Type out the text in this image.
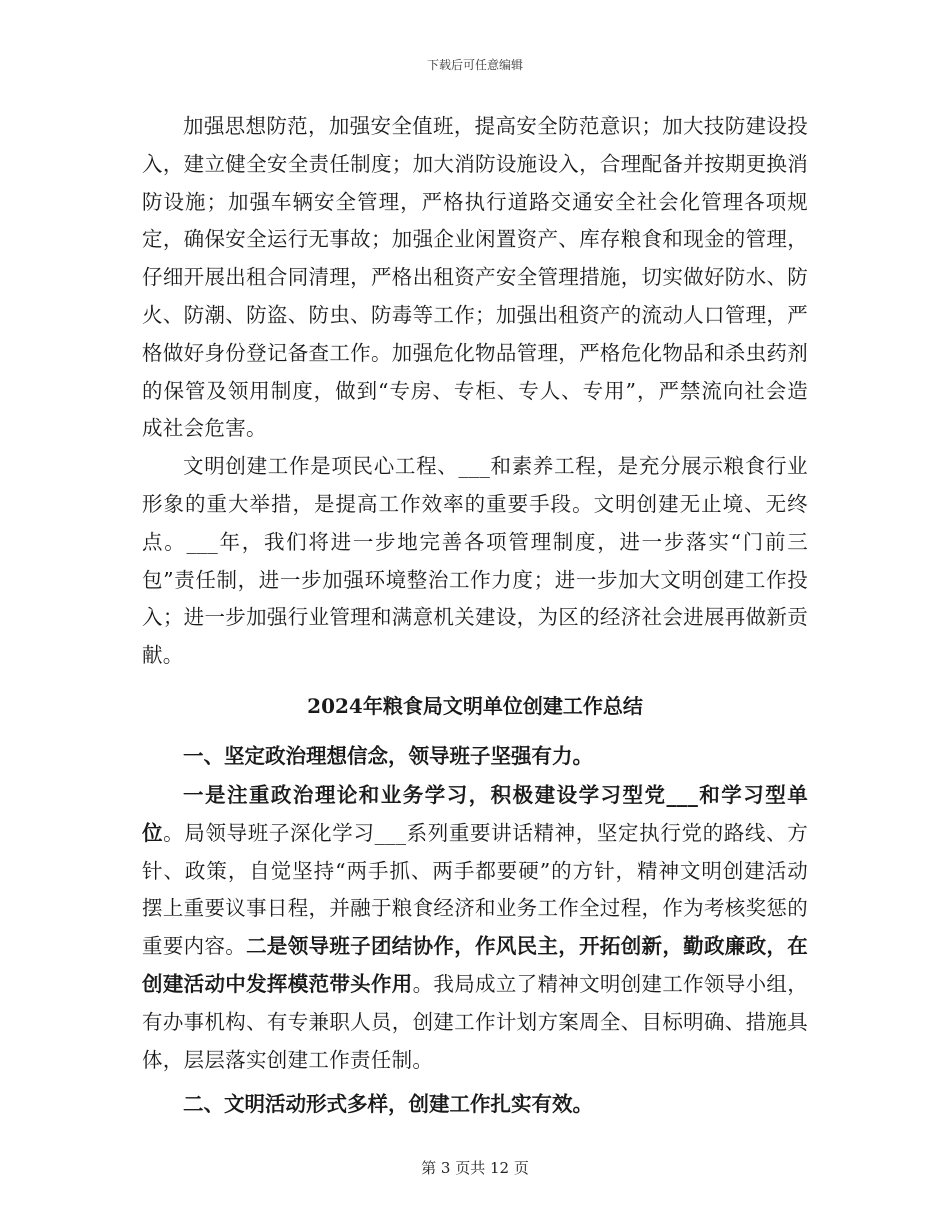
下载后可任意编辑

加强思想防范，加强安全值班，提高安全防范意识；加大技防建设投入，建立健全安全责任制度；加大消防设施设入，合理配备并按期更换消防设施；加强车辆安全管理，严格执行道路交通安全社会化管理各项规定，确保安全运行无事故；加强企业闲置资产、库存粮食和现金的管理，仔细开展出租合同清理，严格出租资产安全管理措施，切实做好防水、防火、防潮、防盗、防虫、防毒等工作；加强出租资产的流动人口管理，严格做好身份登记备查工作。加强危化物品管理，严格危化物品和杀虫药剂的保管及领用制度，做到“专房、专柜、专人、专用”，严禁流向社会造成社会危害。

文明创建工作是项民心工程、___和素养工程，是充分展示粮食行业形象的重大举措，是提高工作效率的重要手段。文明创建无止境、无终点。___年，我们将进一步地完善各项管理制度，进一步落实“门前三包”责任制，进一步加强环境整治工作力度；进一步加大文明创建工作投入；进一步加强行业管理和满意机关建设，为区的经济社会进展再做新贡献。

2024年粮食局文明单位创建工作总结

一、坚定政治理想信念，领导班子坚强有力。

一是注重政治理论和业务学习，积极建设学习型党___和学习型单位。局领导班子深化学习___系列重要讲话精神，坚定执行党的路线、方针、政策，自觉坚持“两手抓、两手都要硬”的方针，精神文明创建活动摆上重要议事日程，并融于粮食经济和业务工作全过程，作为考核奖惩的重要内容。二是领导班子团结协作，作风民主，开拓创新，勤政廉政，在创建活动中发挥模范带头作用。我局成立了精神文明创建工作领导小组，有办事机构、有专兼职人员，创建工作计划方案周全、目标明确、措施具体，层层落实创建工作责任制。

二、文明活动形式多样，创建工作扎实有效。

第 3 页共 12 页
